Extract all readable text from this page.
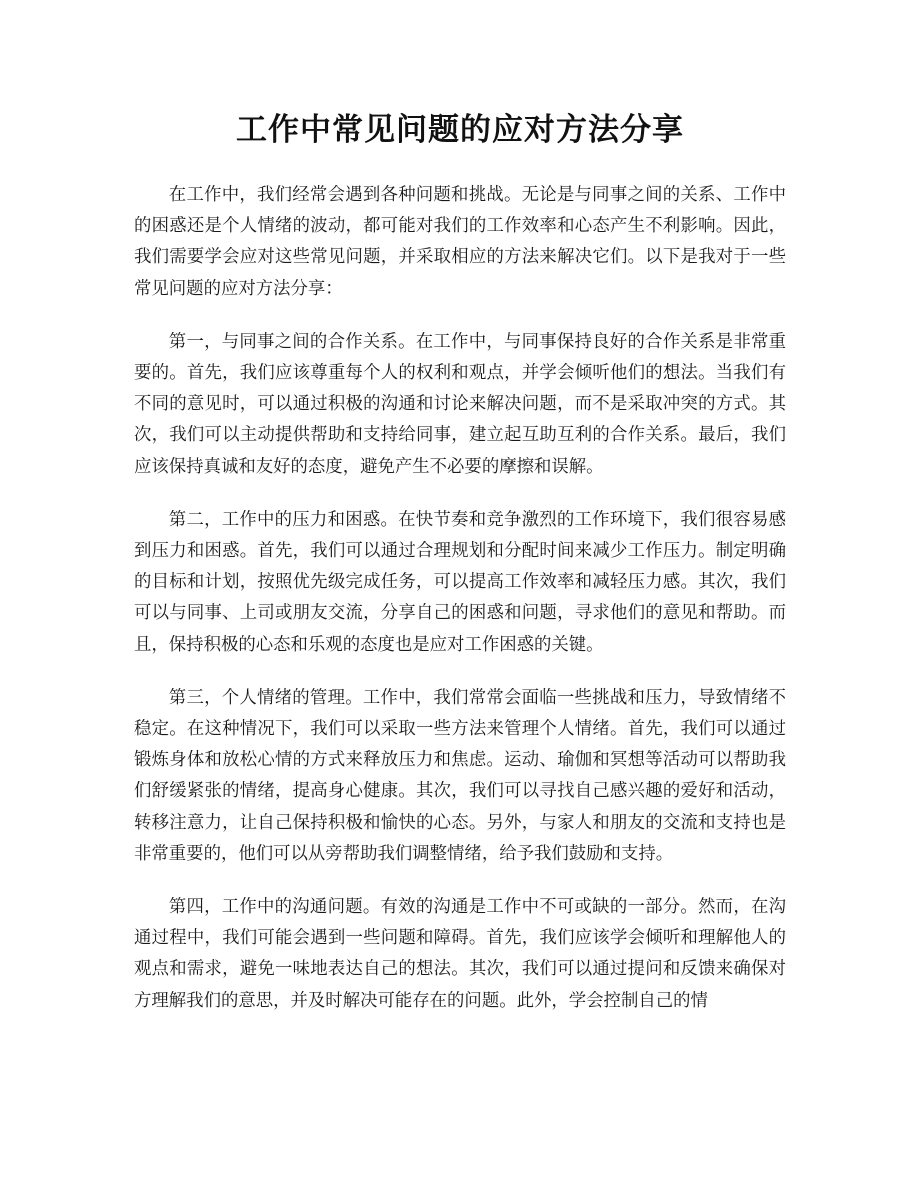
工作中常见问题的应对方法分享

在工作中，我们经常会遇到各种问题和挑战。无论是与同事之间的关系、工作中的困惑还是个人情绪的波动，都可能对我们的工作效率和心态产生不利影响。因此，我们需要学会应对这些常见问题，并采取相应的方法来解决它们。以下是我对于一些常见问题的应对方法分享：

第一，与同事之间的合作关系。在工作中，与同事保持良好的合作关系是非常重要的。首先，我们应该尊重每个人的权利和观点，并学会倾听他们的想法。当我们有不同的意见时，可以通过积极的沟通和讨论来解决问题，而不是采取冲突的方式。其次，我们可以主动提供帮助和支持给同事，建立起互助互利的合作关系。最后，我们应该保持真诚和友好的态度，避免产生不必要的摩擦和误解。

第二，工作中的压力和困惑。在快节奏和竞争激烈的工作环境下，我们很容易感到压力和困惑。首先，我们可以通过合理规划和分配时间来减少工作压力。制定明确的目标和计划，按照优先级完成任务，可以提高工作效率和减轻压力感。其次，我们可以与同事、上司或朋友交流，分享自己的困惑和问题，寻求他们的意见和帮助。而且，保持积极的心态和乐观的态度也是应对工作困惑的关键。

第三，个人情绪的管理。工作中，我们常常会面临一些挑战和压力，导致情绪不稳定。在这种情况下，我们可以采取一些方法来管理个人情绪。首先，我们可以通过锻炼身体和放松心情的方式来释放压力和焦虑。运动、瑜伽和冥想等活动可以帮助我们舒缓紧张的情绪，提高身心健康。其次，我们可以寻找自己感兴趣的爱好和活动，转移注意力，让自己保持积极和愉快的心态。另外，与家人和朋友的交流和支持也是非常重要的，他们可以从旁帮助我们调整情绪，给予我们鼓励和支持。

第四，工作中的沟通问题。有效的沟通是工作中不可或缺的一部分。然而，在沟通过程中，我们可能会遇到一些问题和障碍。首先，我们应该学会倾听和理解他人的观点和需求，避免一味地表达自己的想法。其次，我们可以通过提问和反馈来确保对方理解我们的意思，并及时解决可能存在的问题。此外，学会控制自己的情
